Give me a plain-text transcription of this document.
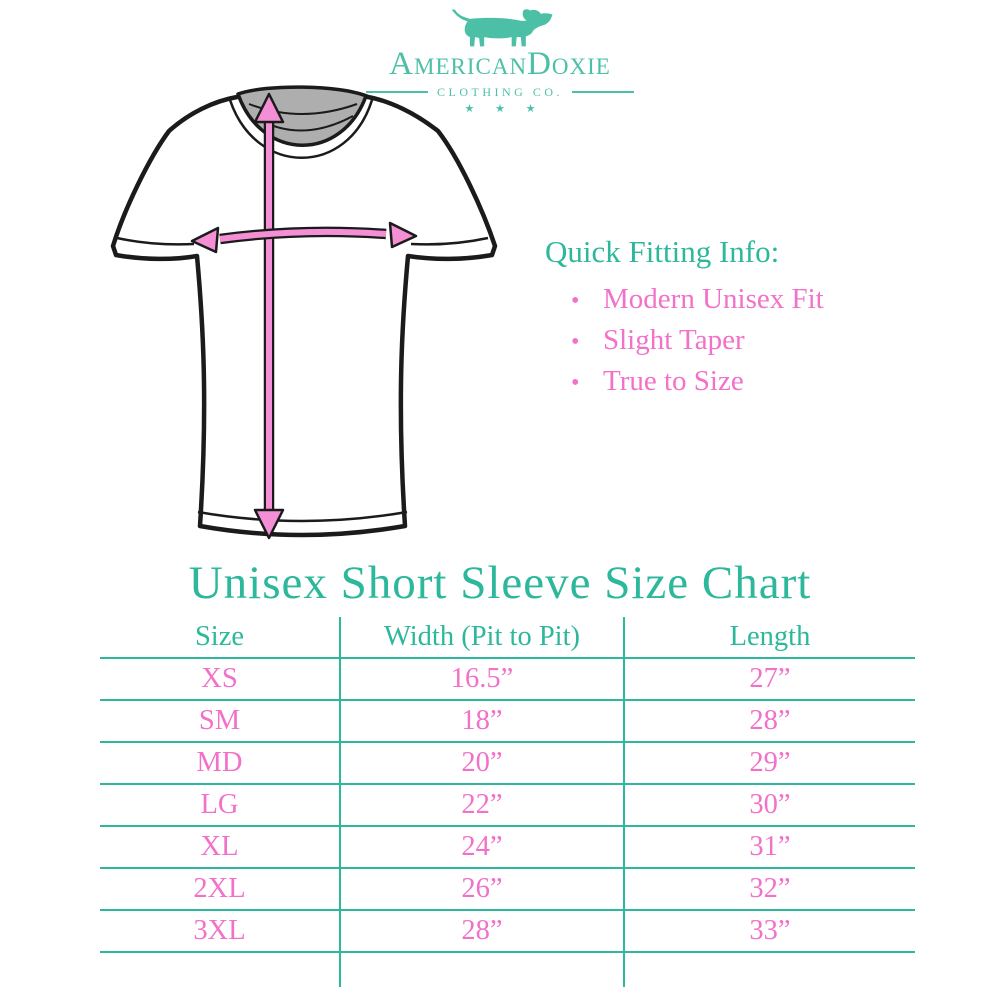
AmericanDoxie
CLOTHING CO.
★ ★ ★
Quick Fitting Info:
• Modern Unisex Fit
• Slight Taper
• True to Size
Unisex Short Sleeve Size Chart
Size	Width (Pit to Pit)	Length
XS	16.5”	27”
SM	18”	28”
MD	20”	29”
LG	22”	30”
XL	24”	31”
2XL	26”	32”
3XL	28”	33”
